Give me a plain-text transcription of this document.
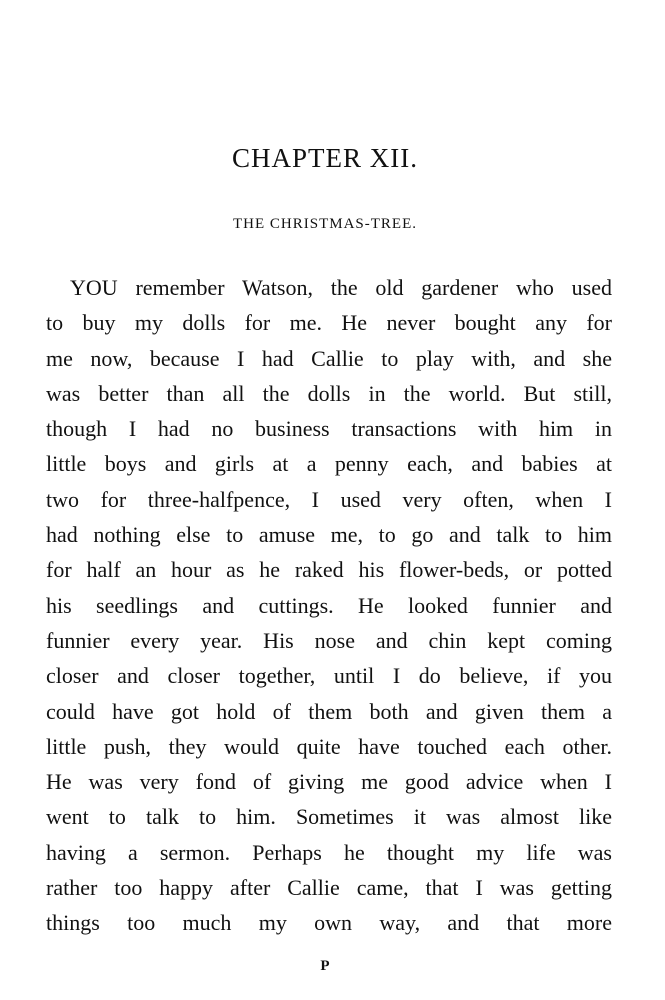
CHAPTER XII.
THE CHRISTMAS-TREE.
YOU remember Watson, the old gardener who used
to buy my dolls for me. He never bought any for
me now, because I had Callie to play with, and she
was better than all the dolls in the world. But still,
though I had no business transactions with him in
little boys and girls at a penny each, and babies at
two for three-halfpence, I used very often, when I
had nothing else to amuse me, to go and talk to him
for half an hour as he raked his flower-beds, or potted
his seedlings and cuttings. He looked funnier and
funnier every year. His nose and chin kept coming
closer and closer together, until I do believe, if you
could have got hold of them both and given them a
little push, they would quite have touched each other.
He was very fond of giving me good advice when I
went to talk to him. Sometimes it was almost like
having a sermon. Perhaps he thought my life was
rather too happy after Callie came, that I was getting
things too much my own way, and that more
P
